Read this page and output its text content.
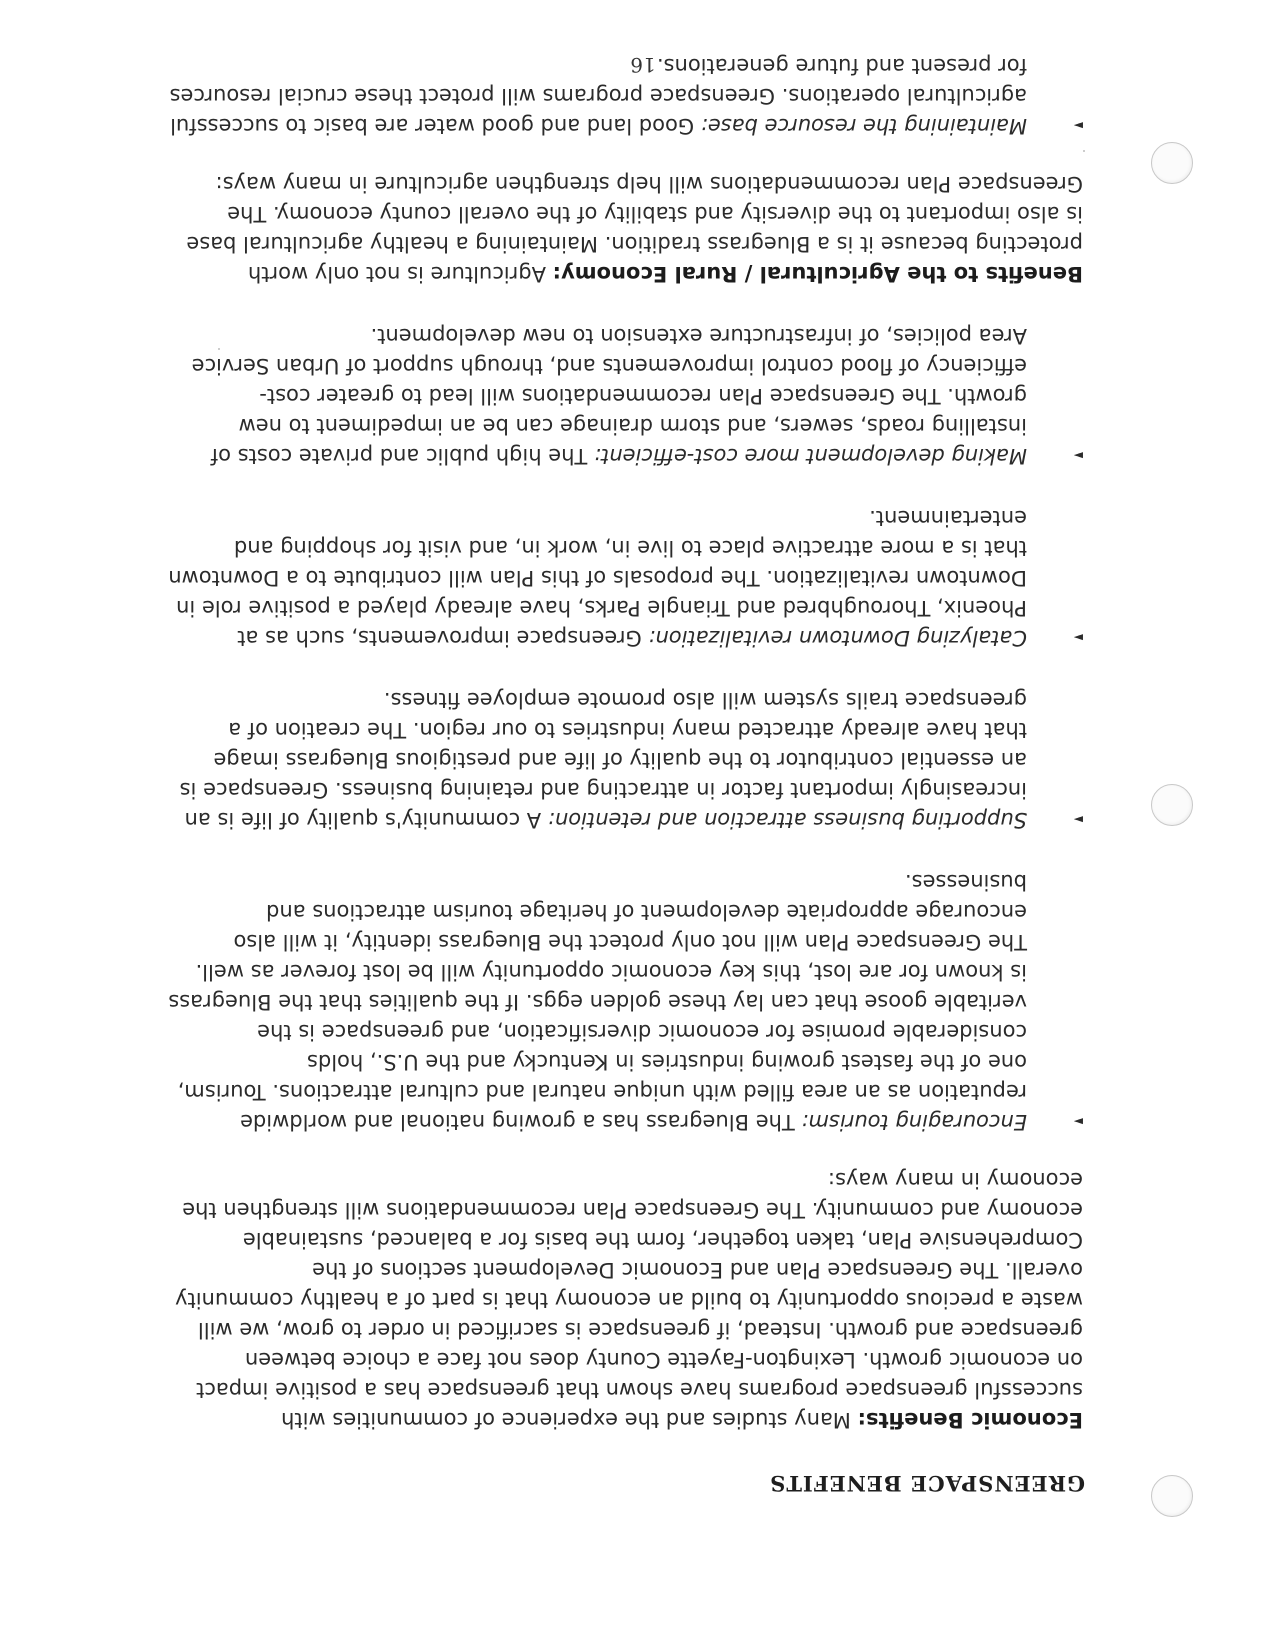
GREENSPACE BENEFITS

Economic Benefits: Many studies and the experience of communities with successful greenspace programs have shown that greenspace has a positive impact on economic growth. Lexington-Fayette County does not face a choice between greenspace and growth. Instead, if greenspace is sacrificed in order to grow, we will waste a precious opportunity to build an economy that is part of a healthy community overall. The Greenspace Plan and Economic Development sections of the Comprehensive Plan, taken together, form the basis for a balanced, sustainable economy and community. The Greenspace Plan recommendations will strengthen the economy in many ways:

►
Encouraging tourism: The Bluegrass has a growing national and worldwide reputation as an area filled with unique natural and cultural attractions. Tourism, one of the fastest growing industries in Kentucky and the U.S., holds considerable promise for economic diversification, and greenspace is the veritable goose that can lay these golden eggs. If the qualities that the Bluegrass is known for are lost, this key economic opportunity will be lost forever as well. The Greenspace Plan will not only protect the Bluegrass identity, it will also encourage appropriate development of heritage tourism attractions and businesses.
►
Supporting business attraction and retention: A community's quality of life is an increasingly important factor in attracting and retaining business. Greenspace is an essential contributor to the quality of life and prestigious Bluegrass image that have already attracted many industries to our region. The creation of a greenspace trails system will also promote employee fitness.
►
Catalyzing Downtown revitalization: Greenspace improvements, such as at Phoenix, Thoroughbred and Triangle Parks, have already played a positive role in Downtown revitalization. The proposals of this Plan will contribute to a Downtown that is a more attractive place to live in, work in, and visit for shopping and entertainment.
►
Making development more cost-efficient: The high public and private costs of installing roads, sewers, and storm drainage can be an impediment to new growth. The Greenspace Plan recommendations will lead to greater cost-efficiency of flood control improvements and, through support of Urban Service Area policies, of infrastructure extension to new development.

Benefits to the Agricultural / Rural Economy: Agriculture is not only worth protecting because it is a Bluegrass tradition. Maintaining a healthy agricultural base is also important to the diversity and stability of the overall county economy. The Greenspace Plan recommendations will help strengthen agriculture in many ways:

►
Maintaining the resource base: Good land and good water are basic to successful agricultural operations. Greenspace programs will protect these crucial resources for present and future generations.
16
